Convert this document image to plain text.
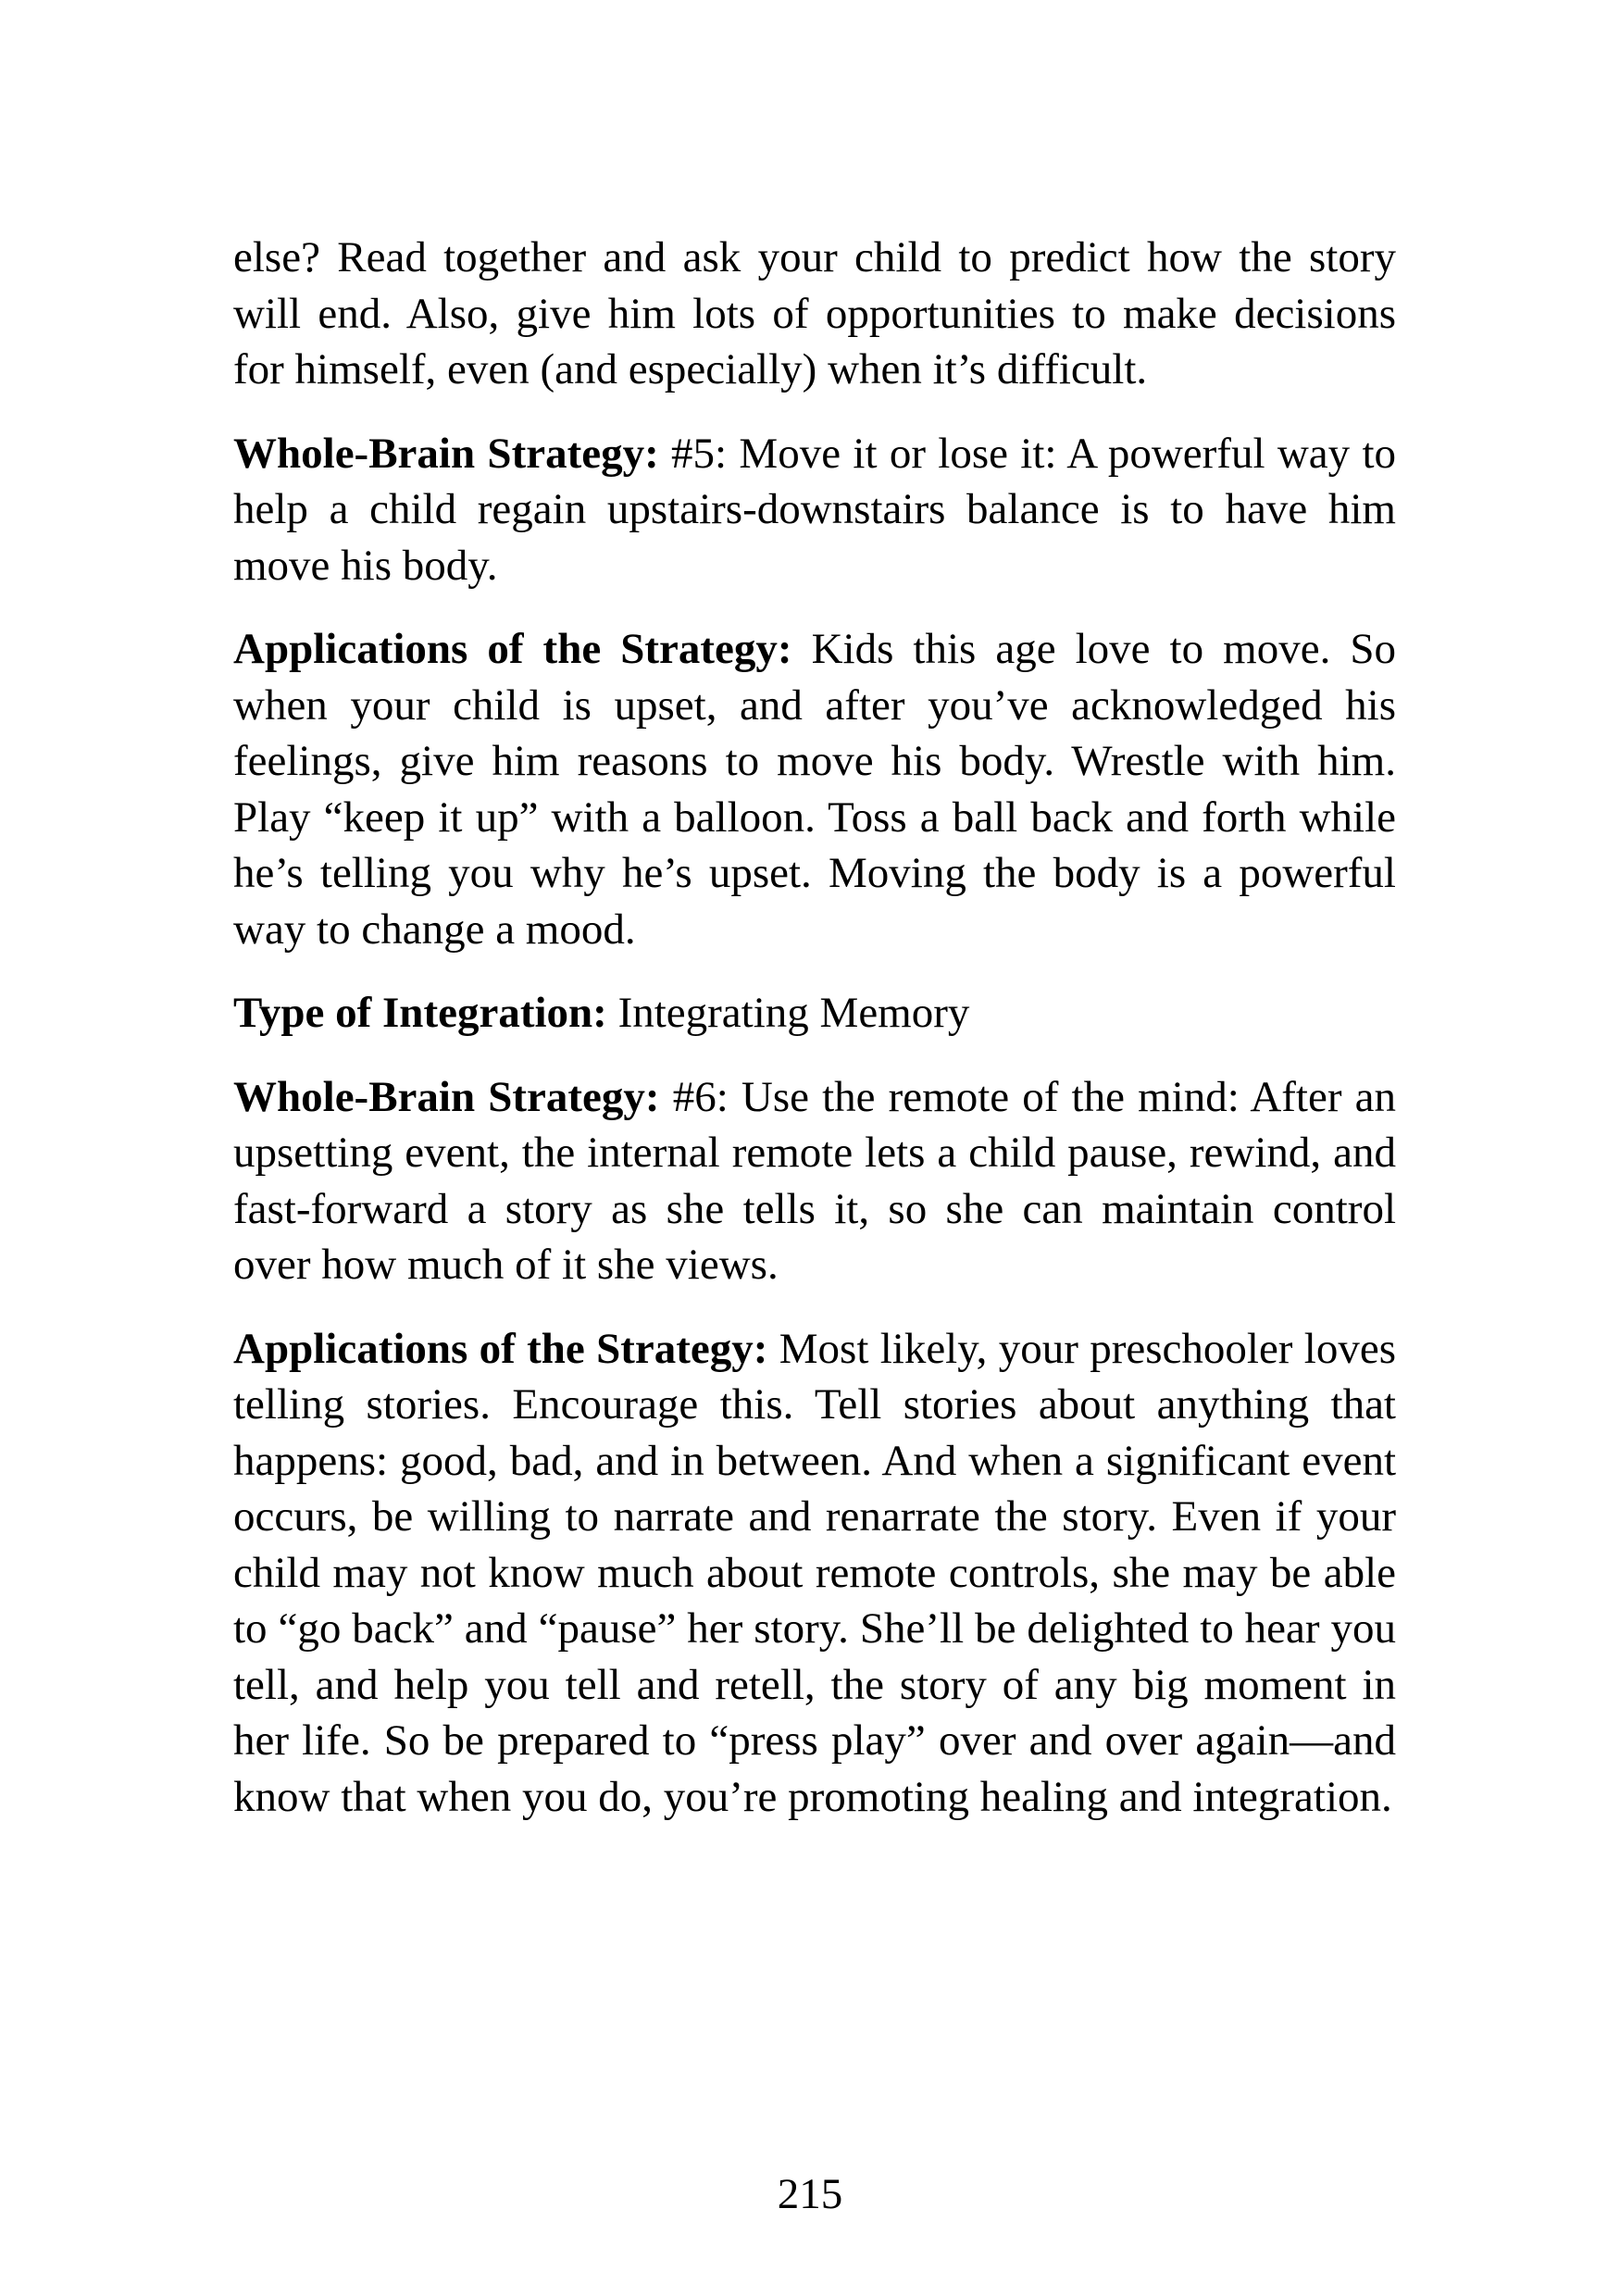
else? Read together and ask your child to predict how the story will end. Also, give him lots of opportunities to make decisions for himself, even (and especially) when it’s difficult.

Whole-Brain Strategy: #5: Move it or lose it: A powerful way to help a child regain upstairs-downstairs balance is to have him move his body.

Applications of the Strategy: Kids this age love to move. So when your child is upset, and after you’ve acknowledged his feelings, give him reasons to move his body. Wrestle with him. Play “keep it up” with a balloon. Toss a ball back and forth while he’s telling you why he’s upset. Moving the body is a powerful way to change a mood.

Type of Integration: Integrating Memory

Whole-Brain Strategy: #6: Use the remote of the mind: After an upsetting event, the internal remote lets a child pause, rewind, and fast-forward a story as she tells it, so she can maintain control over how much of it she views.

Applications of the Strategy: Most likely, your preschooler loves telling stories. Encourage this. Tell stories about anything that happens: good, bad, and in between. And when a significant event occurs, be willing to narrate and renarrate the story. Even if your child may not know much about remote controls, she may be able to “go back” and “pause” her story. She’ll be delighted to hear you tell, and help you tell and retell, the story of any big moment in her life. So be prepared to “press play” over and over again—and know that when you do, you’re promoting healing and integration.

215
